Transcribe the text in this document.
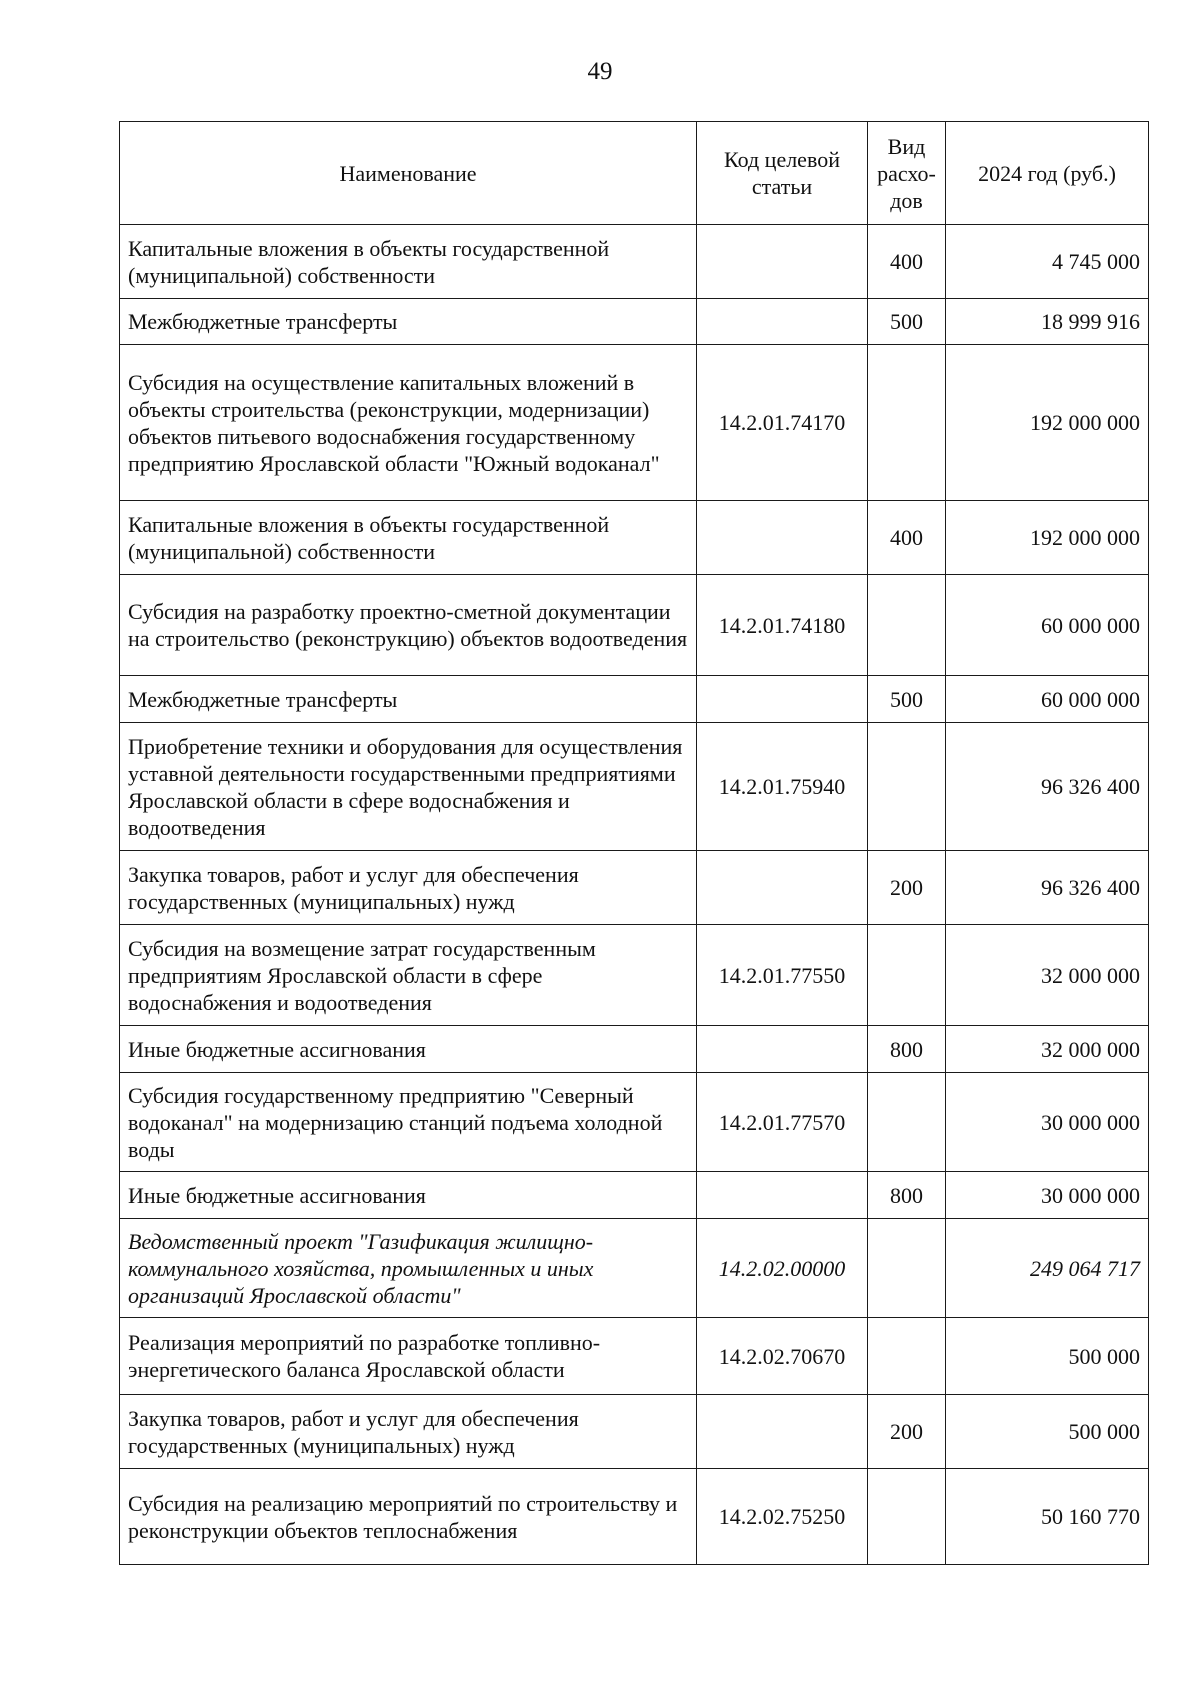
49
Наименование	Код целевой статьи	Вид расхо-дов	2024 год (руб.)
Капитальные вложения в объекты государственной (муниципальной) собственности		400	4 745 000
Межбюджетные трансферты		500	18 999 916
Субсидия на осуществление капитальных вложений в объекты строительства (реконструкции, модернизации) объектов питьевого водоснабжения государственному предприятию Ярославской области "Южный водоканал"	14.2.01.74170		192 000 000
Капитальные вложения в объекты государственной (муниципальной) собственности		400	192 000 000
Субсидия на разработку проектно-сметной документации на строительство (реконструкцию) объектов водоотведения	14.2.01.74180		60 000 000
Межбюджетные трансферты		500	60 000 000
Приобретение техники и оборудования для осуществления уставной деятельности государственными предприятиями Ярославской области в сфере водоснабжения и водоотведения	14.2.01.75940		96 326 400
Закупка товаров, работ и услуг для обеспечения государственных (муниципальных) нужд		200	96 326 400
Субсидия на возмещение затрат государственным предприятиям Ярославской области в сфере водоснабжения и водоотведения	14.2.01.77550		32 000 000
Иные бюджетные ассигнования		800	32 000 000
Субсидия государственному предприятию "Северный водоканал" на модернизацию станций подъема холодной воды	14.2.01.77570		30 000 000
Иные бюджетные ассигнования		800	30 000 000
Ведомственный проект "Газификация жилищно-коммунального хозяйства, промышленных и иных организаций Ярославской области"	14.2.02.00000		249 064 717
Реализация мероприятий по разработке топливно-энергетического баланса Ярославской области	14.2.02.70670		500 000
Закупка товаров, работ и услуг для обеспечения государственных (муниципальных) нужд		200	500 000
Субсидия на реализацию мероприятий по строительству и реконструкции объектов теплоснабжения	14.2.02.75250		50 160 770
